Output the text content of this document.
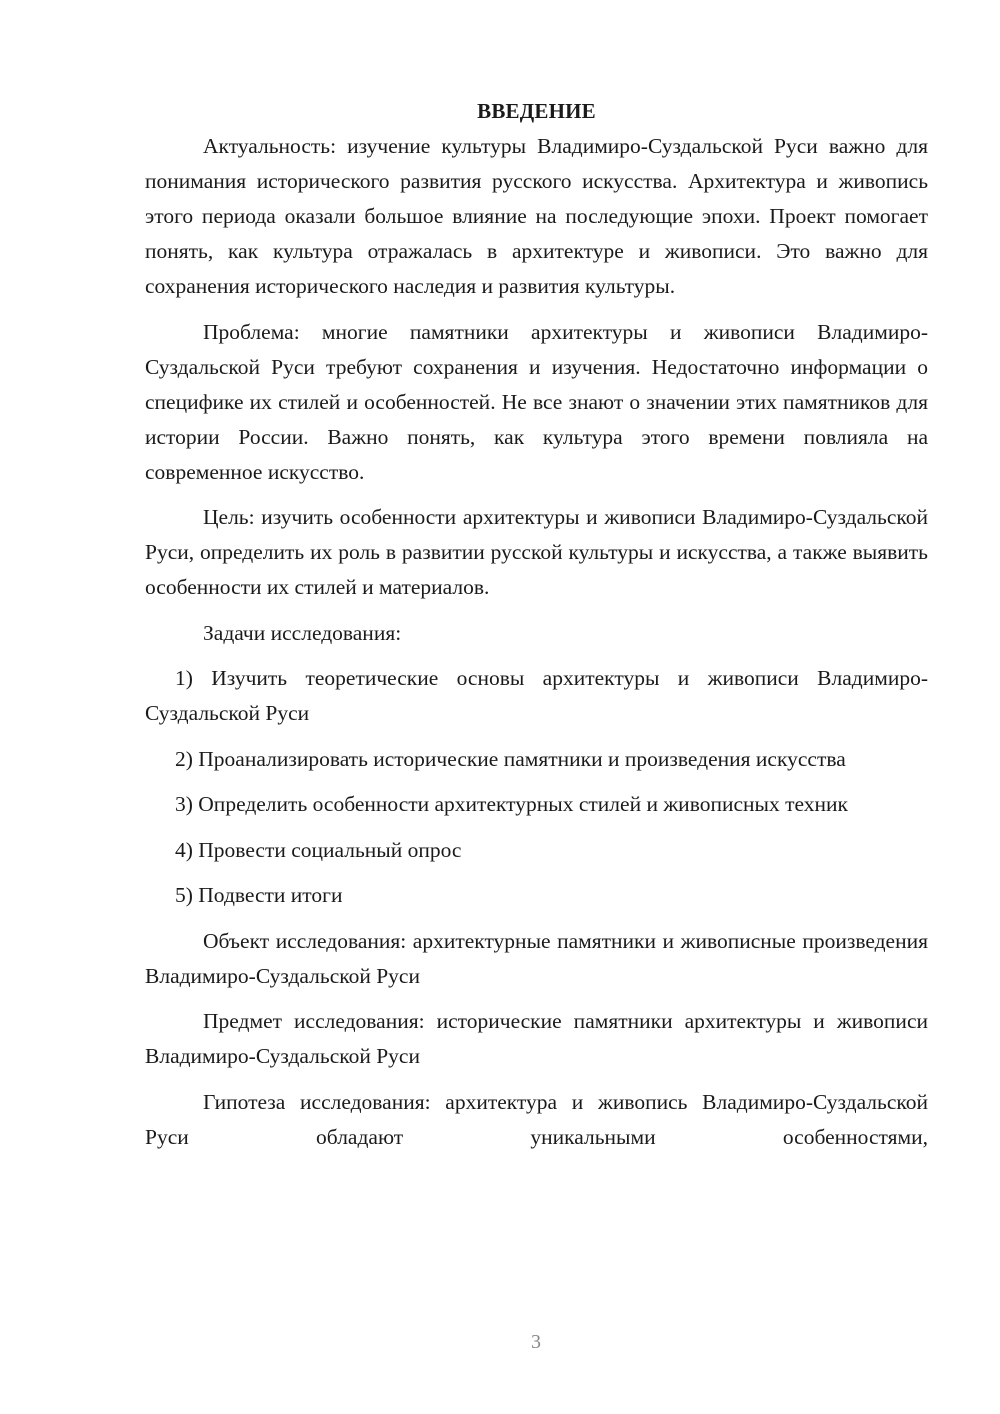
ВВЕДЕНИЕ

Актуальность: изучение культуры Владимиро-Суздальской Руси важно для понимания исторического развития русского искусства. Архитектура и живопись этого периода оказали большое влияние на последующие эпохи. Проект помогает понять, как культура отражалась в архитектуре и живописи. Это важно для сохранения исторического наследия и развития культуры.

Проблема: многие памятники архитектуры и живописи Владимиро-Суздальской Руси требуют сохранения и изучения. Недостаточно информации о специфике их стилей и особенностей. Не все знают о значении этих памятников для истории России. Важно понять, как культура этого времени повлияла на современное искусство.

Цель: изучить особенности архитектуры и живописи Владимиро-Суздальской Руси, определить их роль в развитии русской культуры и искусства, а также выявить особенности их стилей и материалов.

Задачи исследования:

1) Изучить теоретические основы архитектуры и живописи Владимиро-Суздальской Руси

2) Проанализировать исторические памятники и произведения искусства

3) Определить особенности архитектурных стилей и живописных техник

4) Провести социальный опрос

5) Подвести итоги

Объект исследования: архитектурные памятники и живописные произведения Владимиро-Суздальской Руси

Предмет исследования: исторические памятники архитектуры и живописи Владимиро-Суздальской Руси

Гипотеза исследования: архитектура и живопись Владимиро-Суздальской Руси обладают уникальными особенностями,

3
